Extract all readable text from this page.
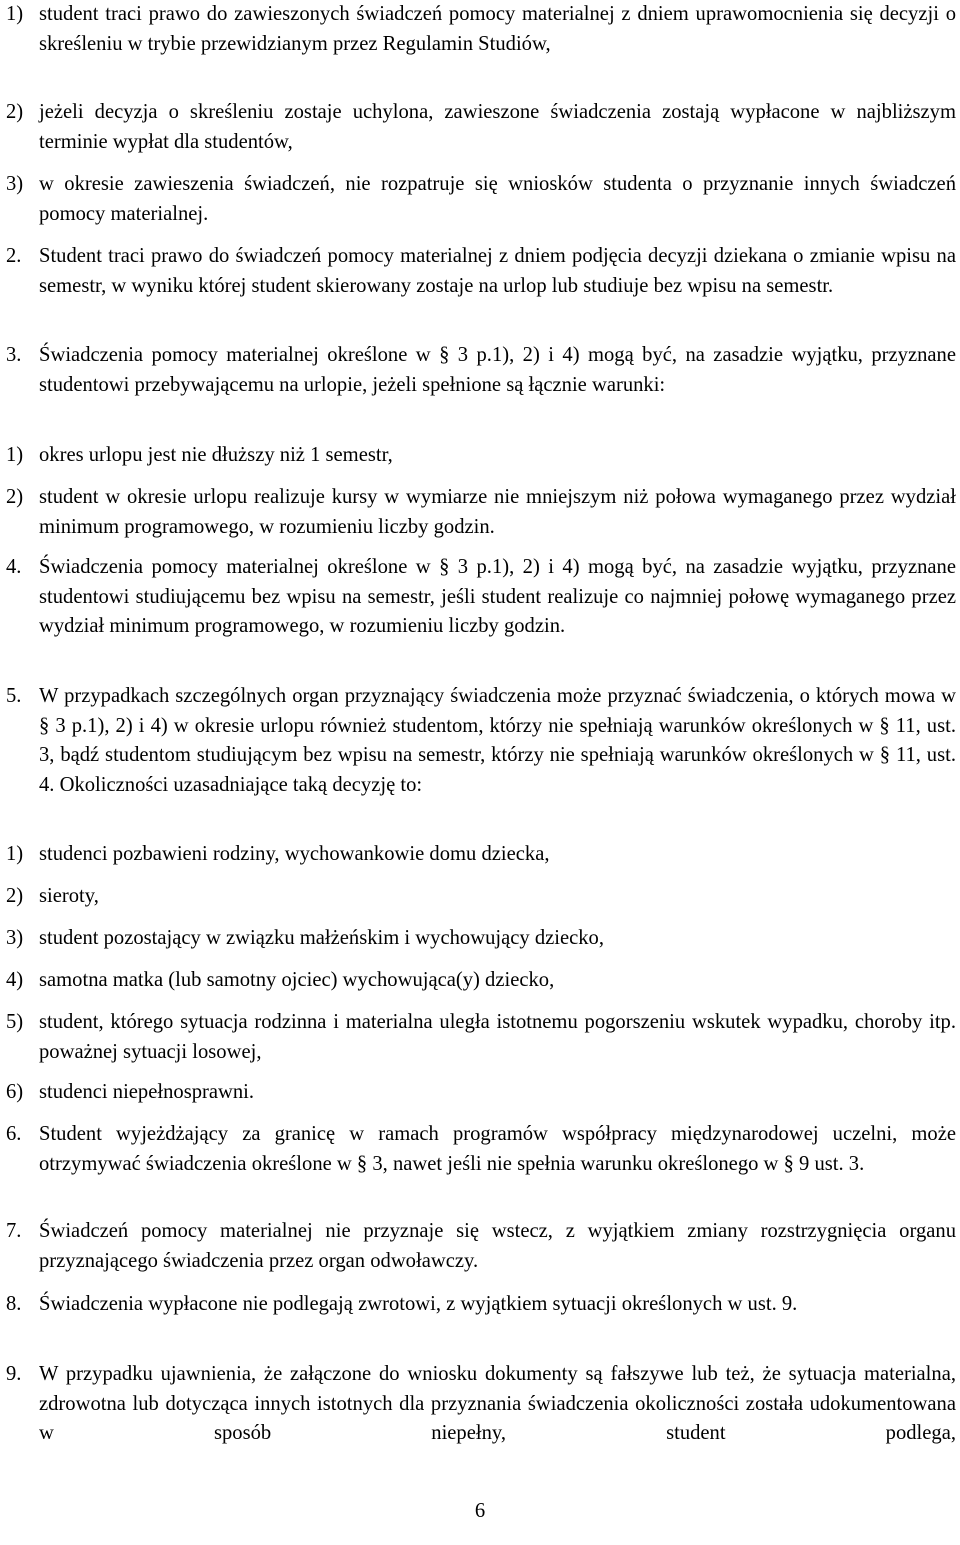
1) student traci prawo do zawieszonych świadczeń pomocy materialnej z dniem uprawomocnienia się decyzji o skreśleniu w trybie przewidzianym przez Regulamin Studiów,
2) jeżeli decyzja o skreśleniu zostaje uchylona, zawieszone świadczenia zostają wypłacone w najbliższym terminie wypłat dla studentów,
3) w okresie zawieszenia świadczeń, nie rozpatruje się wniosków studenta o przyznanie innych świadczeń pomocy materialnej.
2. Student traci prawo do świadczeń pomocy materialnej z dniem podjęcia decyzji dziekana o zmianie wpisu na semestr, w wyniku której student skierowany zostaje na urlop lub studiuje bez wpisu na semestr.
3. Świadczenia pomocy materialnej określone w § 3 p.1), 2) i 4) mogą być, na zasadzie wyjątku, przyznane studentowi przebywającemu na urlopie, jeżeli spełnione są łącznie warunki:
1) okres urlopu jest nie dłuższy niż 1 semestr,
2) student w okresie urlopu realizuje kursy w wymiarze nie mniejszym niż połowa wymaganego przez wydział minimum programowego, w rozumieniu liczby godzin.
4. Świadczenia pomocy materialnej określone w § 3 p.1), 2) i 4) mogą być, na zasadzie wyjątku, przyznane studentowi studiującemu bez wpisu na semestr, jeśli student realizuje co najmniej połowę wymaganego przez wydział minimum programowego, w rozumieniu liczby godzin.
5. W przypadkach szczególnych organ przyznający świadczenia może przyznać świadczenia, o których mowa w § 3 p.1), 2) i 4) w okresie urlopu również studentom, którzy nie spełniają warunków określonych w § 11, ust. 3, bądź studentom studiującym bez wpisu na semestr, którzy nie spełniają warunków określonych w § 11, ust. 4. Okoliczności uzasadniające taką decyzję to:
1) studenci pozbawieni rodziny, wychowankowie domu dziecka,
2) sieroty,
3) student pozostający w związku małżeńskim i wychowujący dziecko,
4) samotna matka (lub samotny ojciec) wychowująca(y) dziecko,
5) student, którego sytuacja rodzinna i materialna uległa istotnemu pogorszeniu wskutek wypadku, choroby itp. poważnej sytuacji losowej,
6) studenci niepełnosprawni.
6. Student wyjeżdżający za granicę w ramach programów współpracy międzynarodowej uczelni, może otrzymywać świadczenia określone w § 3, nawet jeśli nie spełnia warunku określonego w § 9 ust. 3.
7. Świadczeń pomocy materialnej nie przyznaje się wstecz, z wyjątkiem zmiany rozstrzygnięcia organu przyznającego świadczenia przez organ odwoławczy.
8. Świadczenia wypłacone nie podlegają zwrotowi, z wyjątkiem sytuacji określonych w ust. 9.
9. W przypadku ujawnienia, że załączone do wniosku dokumenty są fałszywe lub też, że sytuacja materialna, zdrowotna lub dotycząca innych istotnych dla przyznania świadczenia okoliczności została udokumentowana w sposób niepełny, student podlega,
6
